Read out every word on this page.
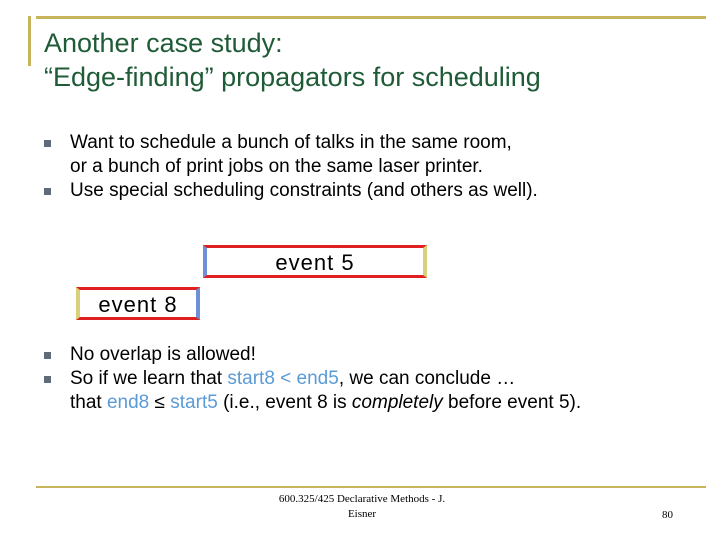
Another case study:
“Edge-finding” propagators for scheduling
Want to schedule a bunch of talks in the same room,
or a bunch of print jobs on the same laser printer.
Use special scheduling constraints (and others as well).
event 5
event 8
No overlap is allowed!
So if we learn that start8 < end5, we can conclude …
that end8 ≤ start5 (i.e., event 8 is completely before event 5).
600.325/425 Declarative Methods - J.
Eisner	80
